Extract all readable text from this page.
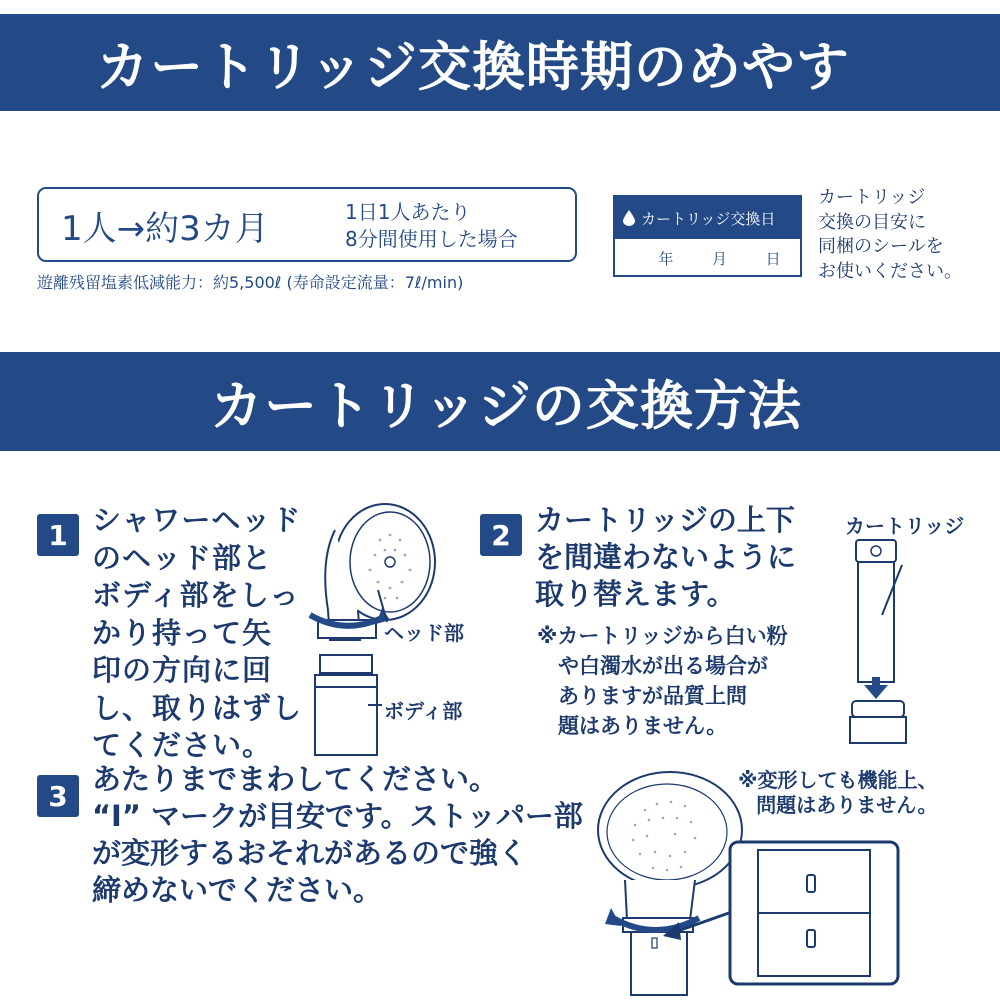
カートリッジ交換時期のめやす
1人→約3カ月	1日1人あたり
8分間使用した場合
遊離残留塩素低減能力：約5,500ℓ (寿命設定流量：7ℓ/min)
カートリッジ交換日
年	月	日
カートリッジ
交換の目安に
同梱のシールを
お使いください。
カートリッジの交換方法
1 シャワーヘッド
のヘッド部と
ボディ部をしっ
かり持って矢
印の方向に回
し、取りはずし
てください。
ヘッド部
ボディ部
2 カートリッジの上下
を間違わないように
取り替えます。
※カートリッジから白い粉
　や白濁水が出る場合が
　ありますが品質上問
　題はありません。
カートリッジ
3 あたりまでまわしてください。
“I” マークが目安です。ストッパー部
が変形するおそれがあるので強く
締めないでください。
※変形しても機能上、
問題はありません。
